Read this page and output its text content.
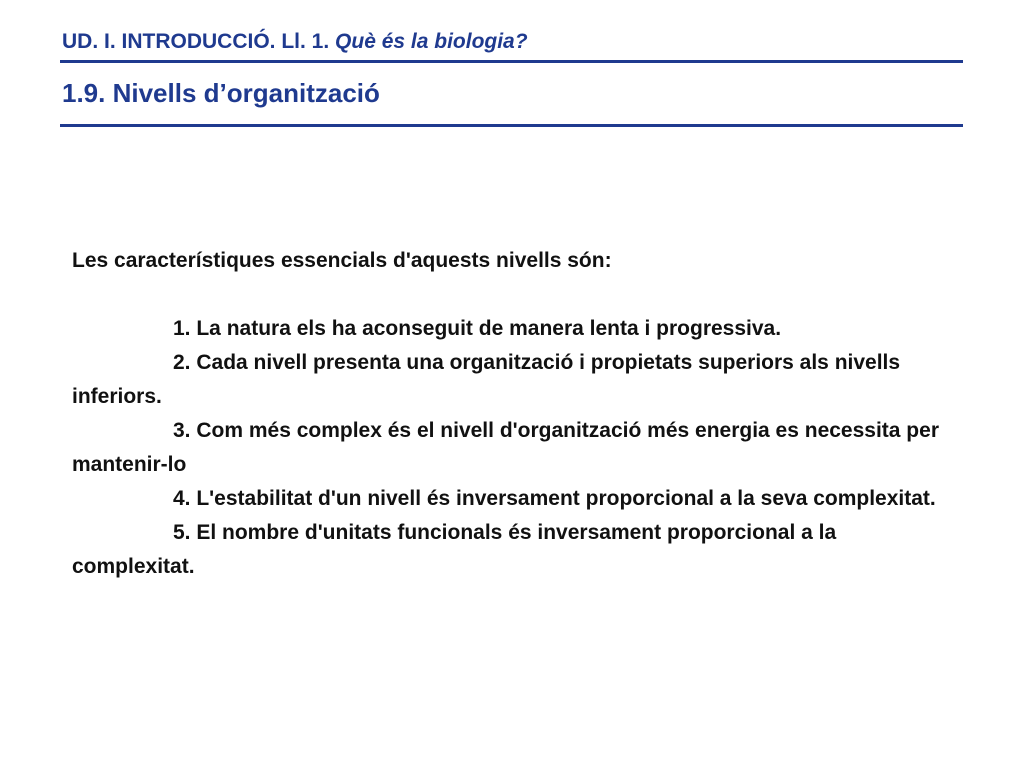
UD. I. INTRODUCCIÓ. Ll. 1. Què és la biologia?
1.9. Nivells d’organització

Les característiques essencials d'aquests nivells són:

1. La natura els ha aconseguit de manera lenta i progressiva.

2. Cada nivell presenta una organització i propietats superiors als nivells inferiors.

3. Com més complex és el nivell d'organització més energia es necessita per mantenir-lo

4. L'estabilitat d'un nivell és inversament proporcional a la seva complexitat.

5. El nombre d'unitats funcionals és inversament proporcional a la complexitat.
